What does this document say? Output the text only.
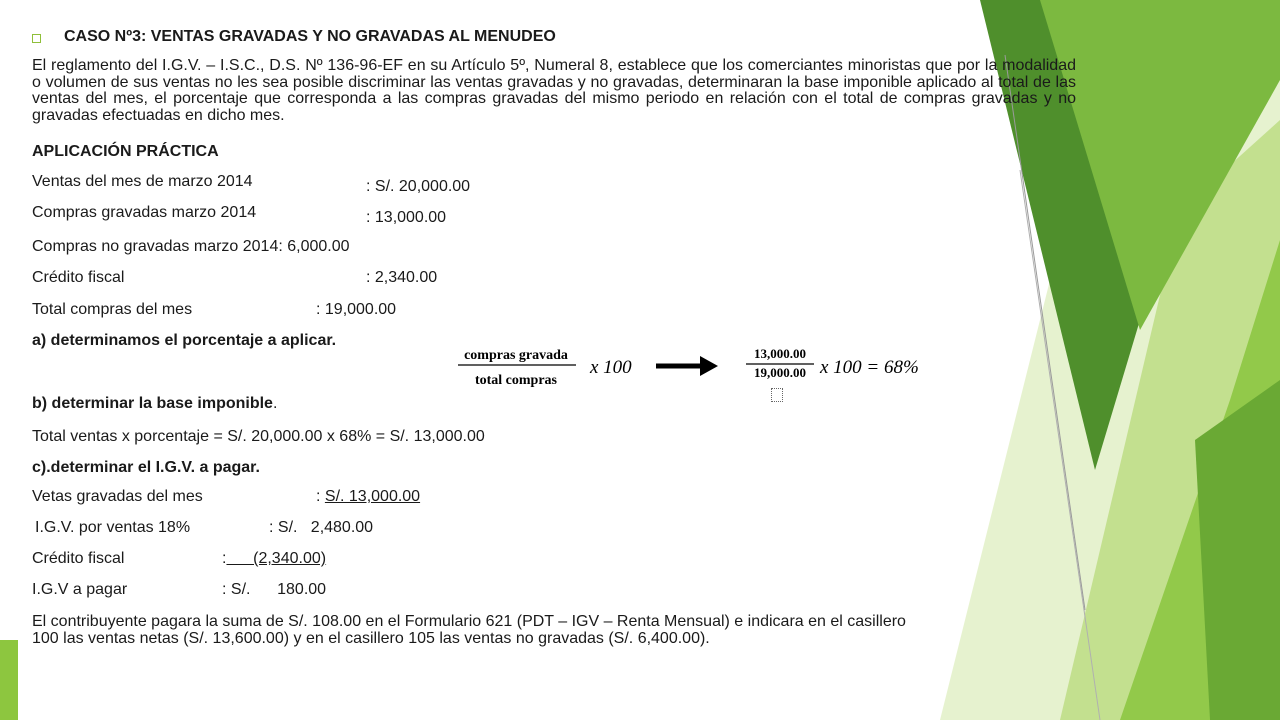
CASO Nº3: VENTAS GRAVADAS Y NO GRAVADAS AL MENUDEO
El reglamento del I.G.V. – I.S.C., D.S. Nº 136-96-EF en su Artículo 5º, Numeral 8, establece que los comerciantes minoristas que por la modalidad o volumen de sus ventas no les sea posible discriminar las ventas gravadas y no gravadas, determinaran la base imponible aplicado al total de las ventas del mes, el porcentaje que corresponda a las compras gravadas del mismo periodo en relación con el total de compras gravadas y no gravadas efectuadas en dicho mes.
APLICACIÓN PRÁCTICA
Ventas del mes de marzo 2014	: S/. 20,000.00
Compras gravadas marzo 2014	: 13,000.00
Compras no gravadas marzo 2014: 6,000.00
Crédito fiscal	: 2,340.00
Total compras del mes	: 19,000.00
a) determinamos el porcentaje a aplicar.
compras gravada
total compras
x 100
13,000.00
19,000.00 x 100 = 68%
b) determinar la base imponible.
Total ventas x porcentaje = S/. 20,000.00 x 68% = S/. 13,000.00
c).determinar el I.G.V. a pagar.
Vetas gravadas del mes	: S/. 13,000.00
I.G.V. por ventas 18%	: S/.   2,480.00
Crédito fiscal	:      (2,340.00)
I.G.V a pagar	: S/.      180.00
El contribuyente pagara la suma de S/. 108.00 en el Formulario 621 (PDT – IGV – Renta Mensual) e indicara en el casillero
100 las ventas netas (S/. 13,600.00) y en el casillero 105 las ventas no gravadas (S/. 6,400.00).
